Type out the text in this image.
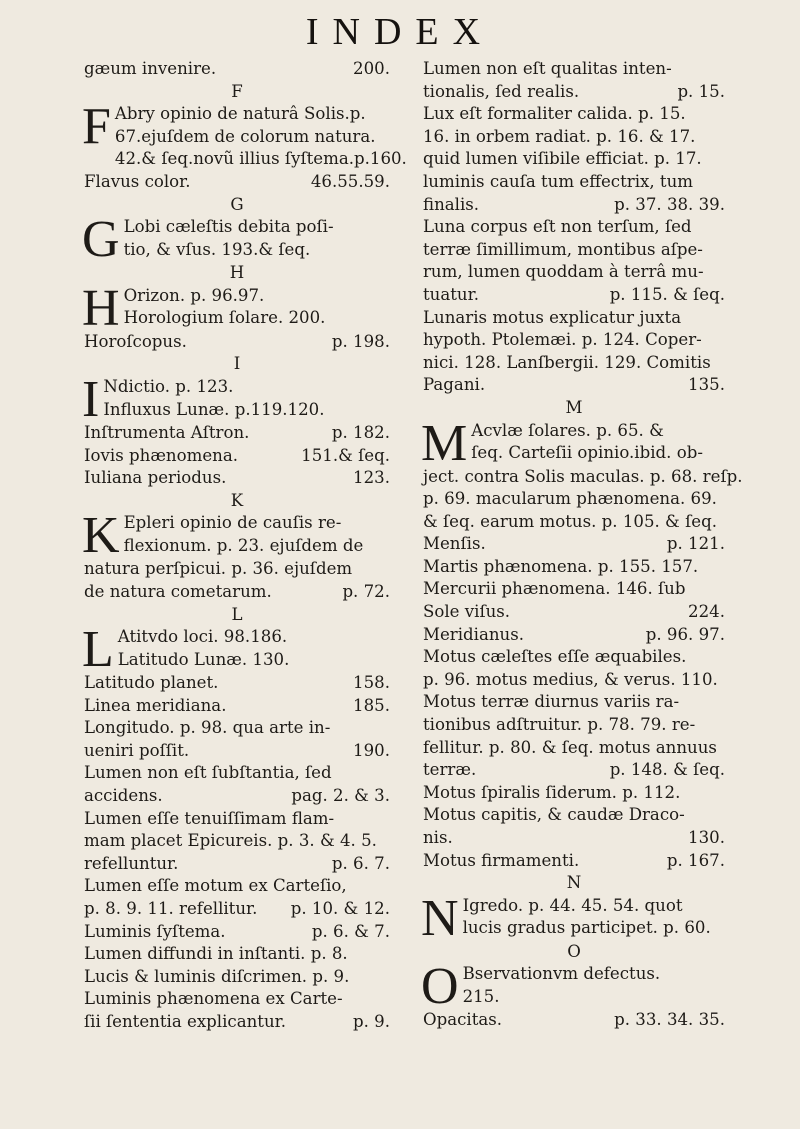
INDEX
gæum invenire.	200.
F
F Abry opinio de naturâ Solis.p.
67.ejuſdem de colorum natura.
42.& ſeq.novũ illius ſyſtema.p.160.
Flavus color.	46.55.59.
G
G Lobi cæleſtis debita poſi-
tio, & vſus. 193.& ſeq.
H
H Orizon. p. 96.97.
Horologium ſolare. 200.
Horoſcopus.	p. 198.
I
I Ndictio. p. 123.
Influxus Lunæ. p.119.120.
Inſtrumenta Aſtron.	p. 182.
Iovis phænomena.	151.& ſeq.
Iuliana periodus.	123.
K
K Epleri opinio de cauſis re-
flexionum. p. 23. ejuſdem de
natura perſpicui. p. 36. ejuſdem
de natura cometarum.	p. 72.
L
L Atitvdo loci. 98.186.
Latitudo Lunæ. 130.
Latitudo planet.	158.
Linea meridiana.	185.
Longitudo. p. 98. qua arte in-
ueniri poſſit.	190.
Lumen non eſt ſubſtantia, ſed
accidens.	pag. 2. & 3.
Lumen eſſe tenuiſſimam flam-
mam placet Epicureis. p. 3. & 4. 5.
refelluntur.	p. 6. 7.
Lumen eſſe motum ex Carteſio,
p. 8. 9. 11. refellitur. p. 10. & 12.
Luminis ſyſtema.	p. 6. & 7.
Lumen diffundi in inſtanti. p. 8.
Lucis & luminis diſcrimen. p. 9.
Luminis phænomena ex Carte-
ſii ſententia explicantur.	p. 9.
Lumen non eſt qualitas inten-
tionalis, ſed realis.	p. 15.
Lux eſt formaliter calida. p. 15.
16. in orbem radiat. p. 16. & 17.
quid lumen viſibile efficiat. p. 17.
luminis cauſa tum effectrix, tum
finalis.	p. 37. 38. 39.
Luna corpus eſt non terſum, ſed
terræ ſimillimum, montibus aſpe-
rum, lumen quoddam à terrâ mu-
tuatur.	p. 115. & ſeq.
Lunaris motus explicatur juxta
hypoth. Ptolemæi. p. 124. Coper-
nici. 128. Lanſbergii. 129. Comitis
Pagani.	135.
M
M Acvlæ ſolares. p. 65. &
ſeq. Carteſii opinio.ibid. ob-
ject. contra Solis maculas. p. 68. reſp.
p. 69. macularum phænomena. 69.
& ſeq. earum motus. p. 105. & ſeq.
Menſis.	p. 121.
Martis phænomena. p. 155. 157.
Mercurii phænomena. 146. ſub
Sole viſus.	224.
Meridianus.	p. 96. 97.
Motus cæleſtes eſſe æquabiles.
p. 96. motus medius, & verus. 110.
Motus terræ diurnus variis ra-
tionibus adſtruitur. p. 78. 79. re-
fellitur. p. 80. & ſeq. motus annuus
terræ.	p. 148. & ſeq.
Motus ſpiralis ſiderum. p. 112.
Motus capitis, & caudæ Draco-
nis.	130.
Motus firmamenti.	p. 167.
N
N Igredo. p. 44. 45. 54. quot
lucis gradus participet. p. 60.
O
O Bservationvm defectus.
215.
Opacitas.	p. 33. 34. 35.
